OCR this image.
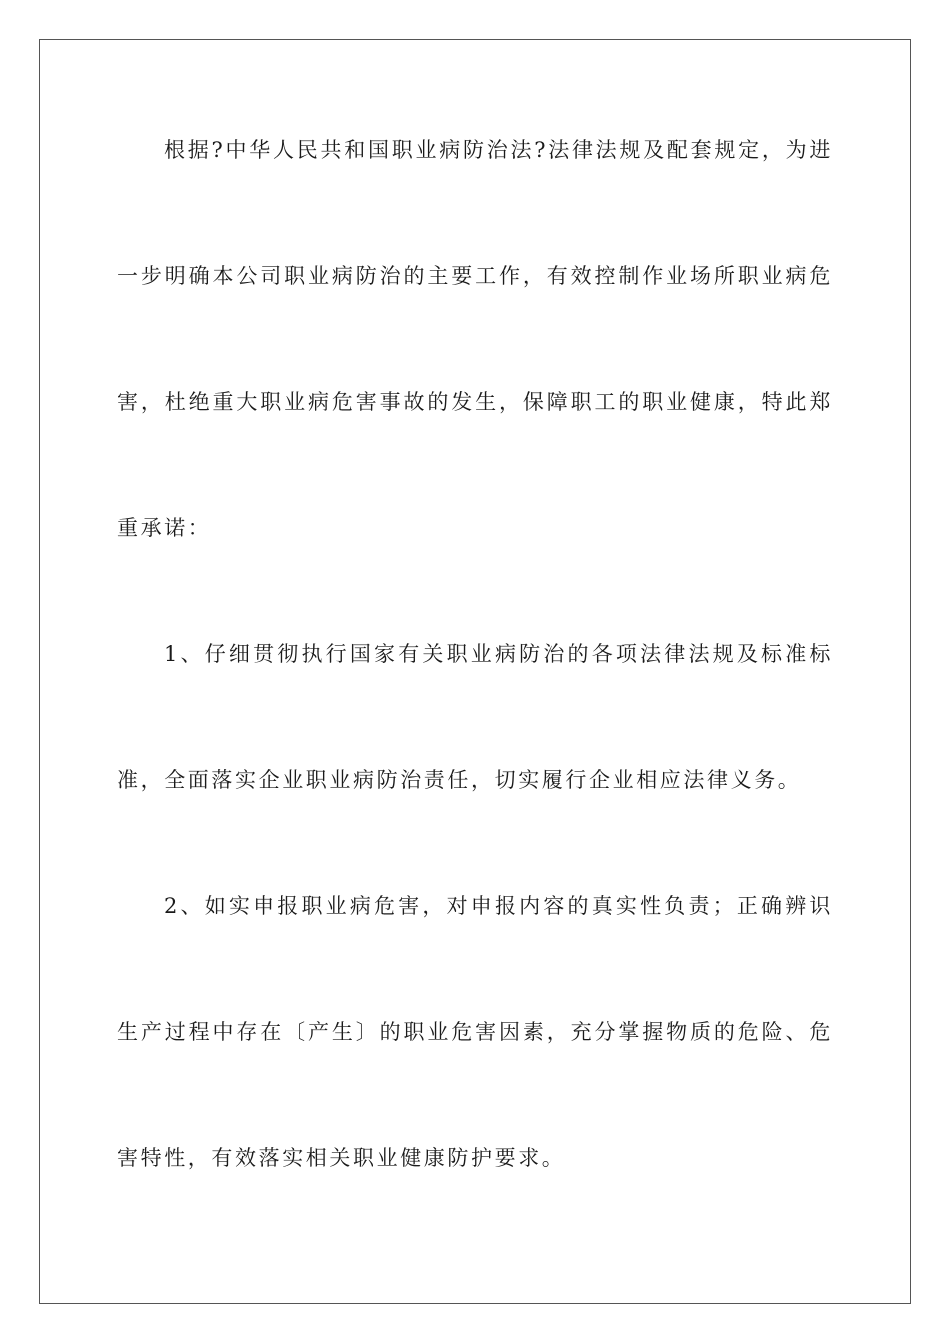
根据?中华人民共和国职业病防治法?法律法规及配套规定，为进
一步明确本公司职业病防治的主要工作，有效控制作业场所职业病危
害，杜绝重大职业病危害事故的发生，保障职工的职业健康，特此郑
重承诺：
1、仔细贯彻执行国家有关职业病防治的各项法律法规及标准标
准，全面落实企业职业病防治责任，切实履行企业相应法律义务。
2、如实申报职业病危害，对申报内容的真实性负责；正确辨识
生产过程中存在〔产生〕的职业危害因素，充分掌握物质的危险、危
害特性，有效落实相关职业健康防护要求。
